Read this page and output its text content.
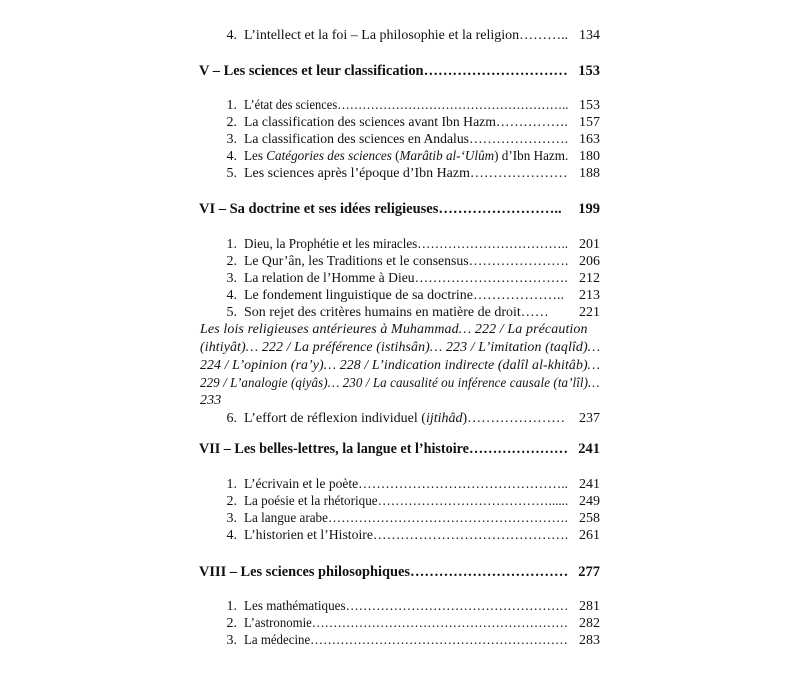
4. L’intellect et la foi – La philosophie et la religion……….. 134
V – Les sciences et leur classification………………………… 153
1. L’état des sciences……………………………………………….. 153
2. La classification des sciences avant Ibn Hazm……………. 157
3. La classification des sciences en Andalus…………………. 163
4. Les Catégories des sciences (Marâtib al-‘Ulûm) d’Ibn Hazm. 180
5. Les sciences après l’époque d’Ibn Hazm………………… 188
VI – Sa doctrine et ses idées religieuses……………………..	199
1. Dieu, la Prophétie et les miracles…………………………….. 201
2. Le Qur’ân, les Traditions et le consensus…………………. 206
3. La relation de l’Homme à Dieu……………………………. 212
4. Le fondement linguistique de sa doctrine………………..	213
5. Son rejet des critères humains en matière de droit……	221
Les lois religieuses antérieures à Muhammad… 222 / La précaution
(ihtiyât)… 222 / La préférence (istihsân)… 223 / L’imitation (taqlîd)…
224 / L’opinion (ra’y)… 228 / L’indication indirecte (dalîl al-khitâb)…
229 / L’analogie (qiyâs)… 230 / La causalité ou inférence causale (ta’lîl)…
233
6. L’effort de réflexion individuel (ijtihâd)………………… 237
VII – Les belles-lettres, la langue et l’histoire………………… 241
1. L’écrivain et le poète……………………………………….. 241
2. La poésie et la rhétorique…………………………………...... 249
3. La langue arabe………………………………………………. 258
4. L’historien et l’Histoire……………………………………. 261
VIII – Les sciences philosophiques…………………………… 277
1. Les mathématiques…………………………………………… 281
2. L’astronomie…………………………………………………… 282
3. La médecine…………………………………………………… 283
